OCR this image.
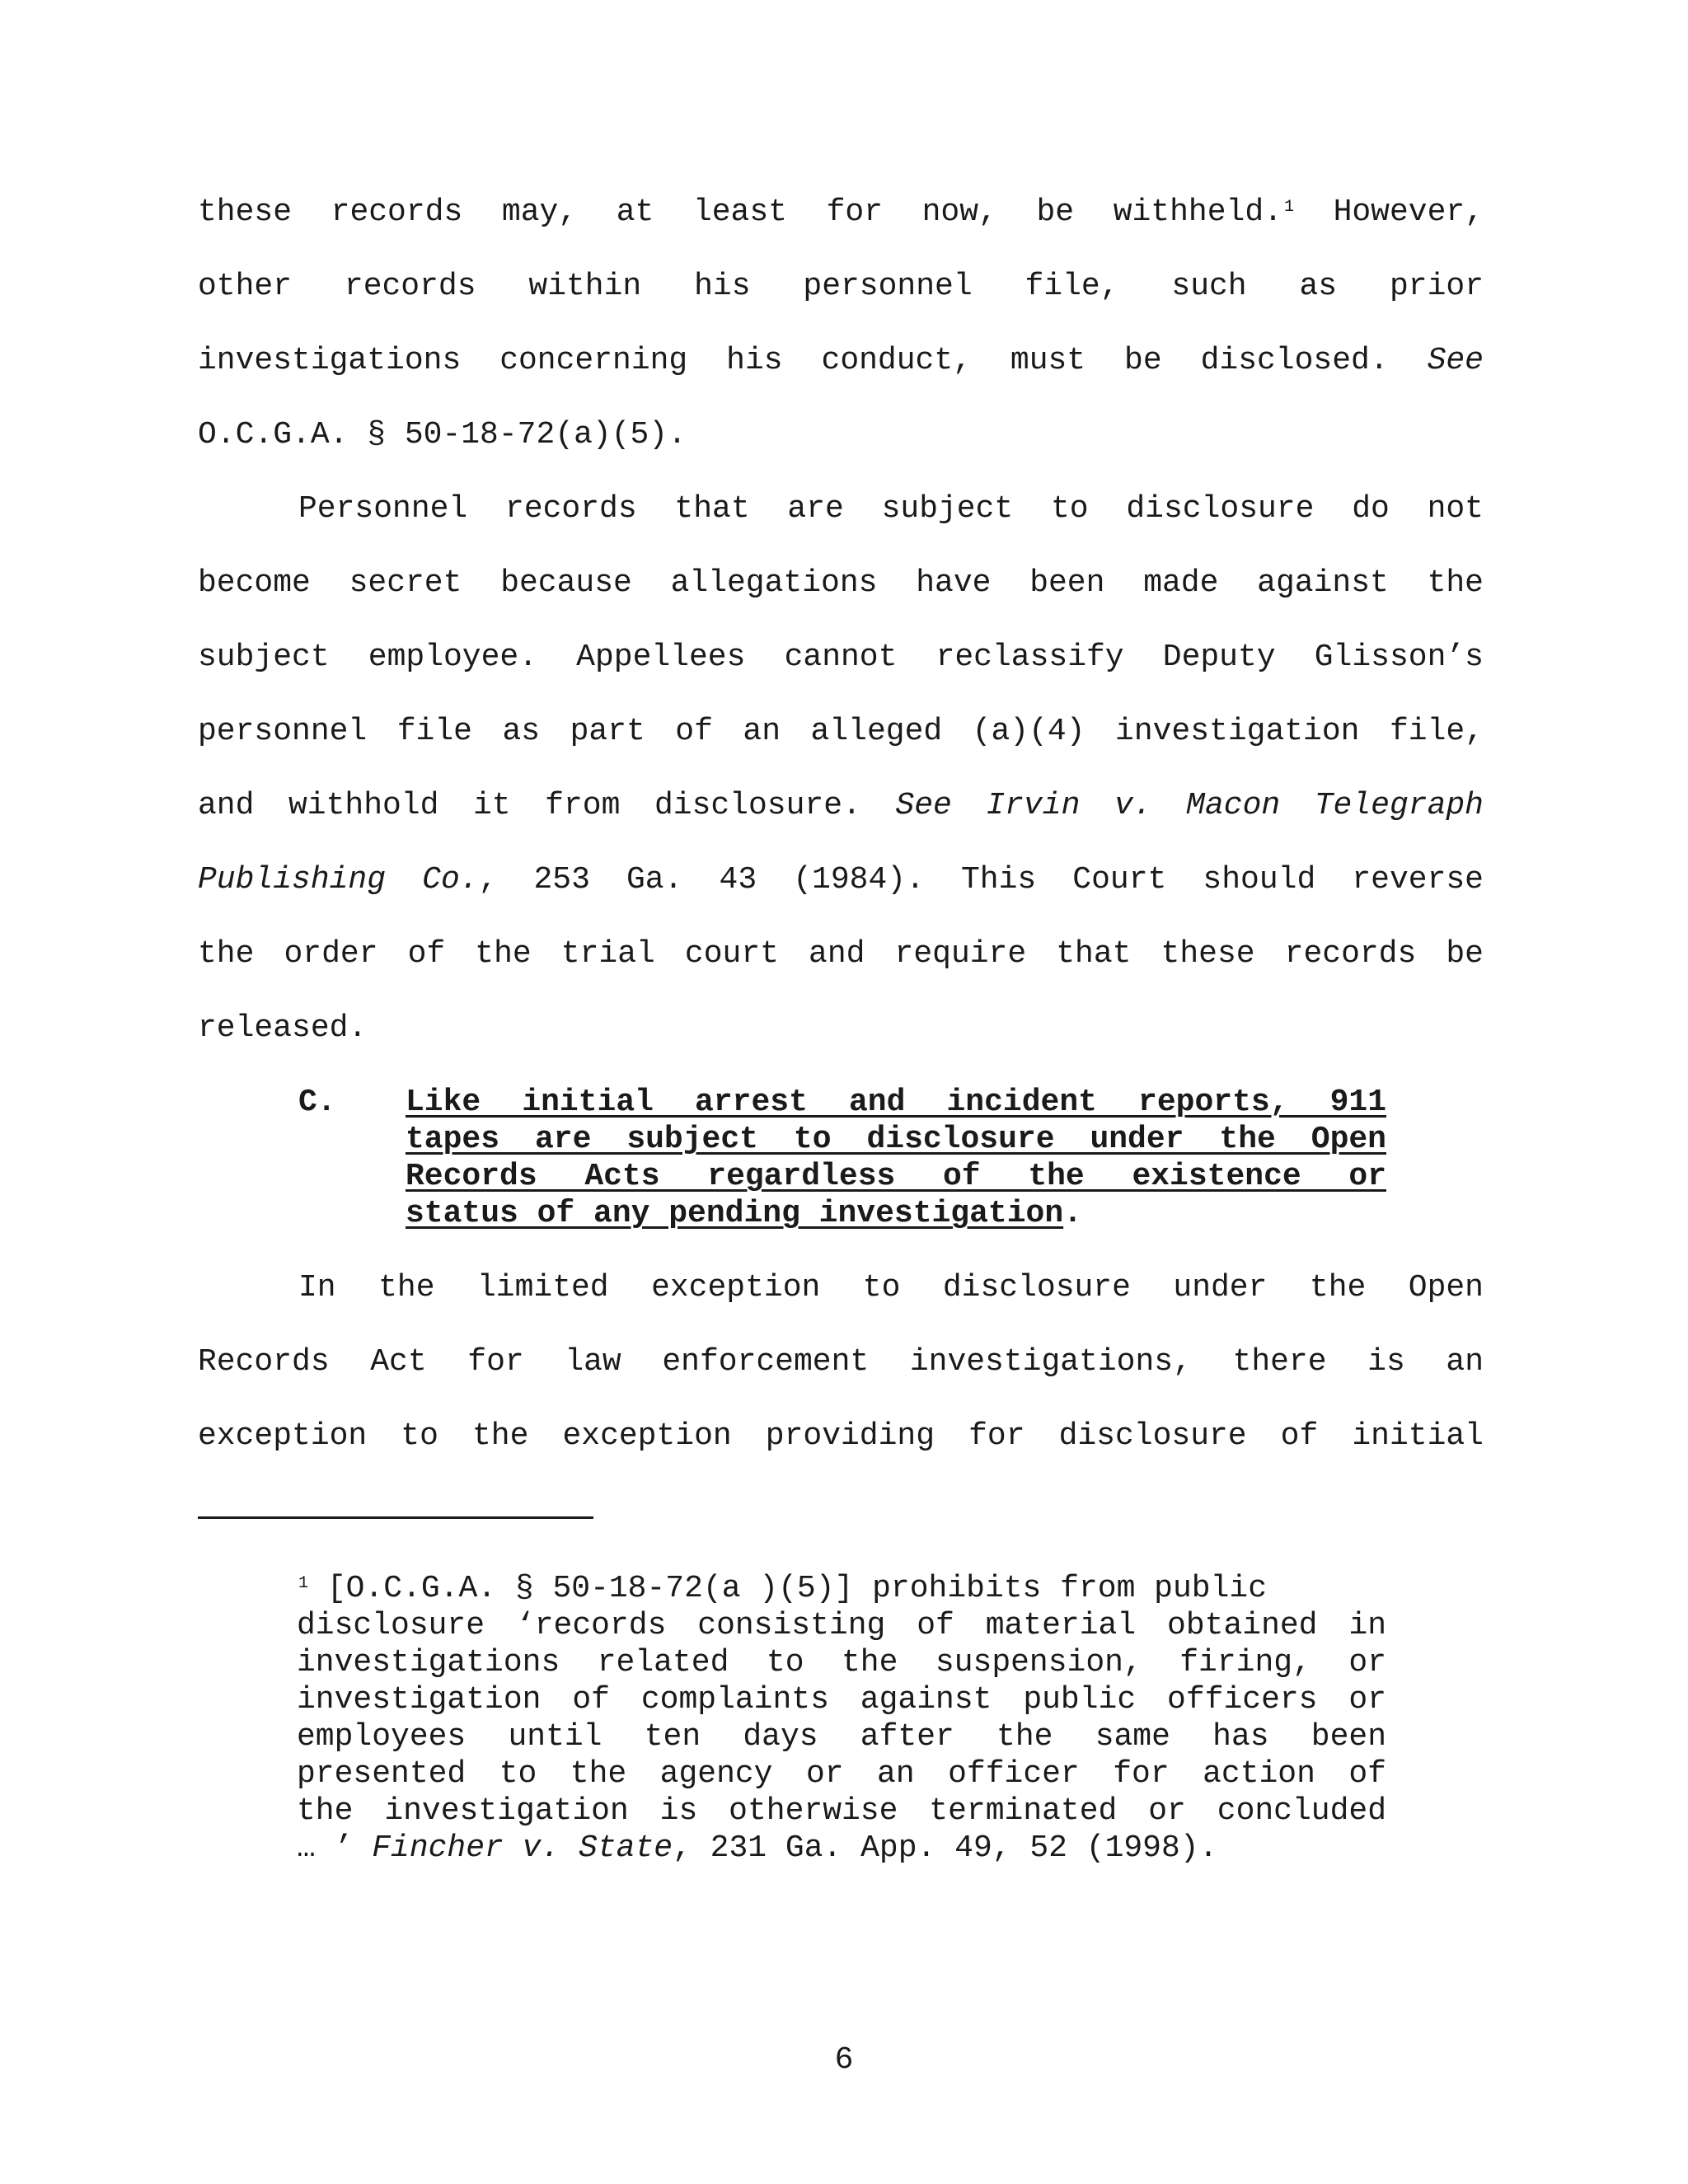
these records may, at least for now, be withheld. $^1$ However,
other records within his personnel file, such as prior
investigations concerning his conduct, must be disclosed. See
O.C.G.A. § 50-18-72(a)(5).
Personnel records that are subject to disclosure do not
become secret because allegations have been made against the
subject employee. Appellees cannot reclassify Deputy Glisson’s
personnel file as part of an alleged (a)(4) investigation file,
and withhold it from disclosure. See Irvin v. Macon Telegraph
Publishing Co., 253 Ga. 43 (1984). This Court should reverse
the order of the trial court and require that these records be
released.
C. Like initial arrest and incident reports, 911
tapes are subject to disclosure under the Open
Records Acts regardless of the existence or
status of any pending investigation.
In the limited exception to disclosure under the Open
Records Act for law enforcement investigations, there is an
exception to the exception providing for disclosure of initial
$^1$ [O.C.G.A. § 50-18-72(a )(5)] prohibits from public
disclosure ‘records consisting of material obtained in
investigations related to the suspension, firing, or
investigation of complaints against public officers or
employees until ten days after the same has been
presented to the agency or an officer for action of
the investigation is otherwise terminated or concluded
… ’ Fincher v. State, 231 Ga. App. 49, 52 (1998).
6
